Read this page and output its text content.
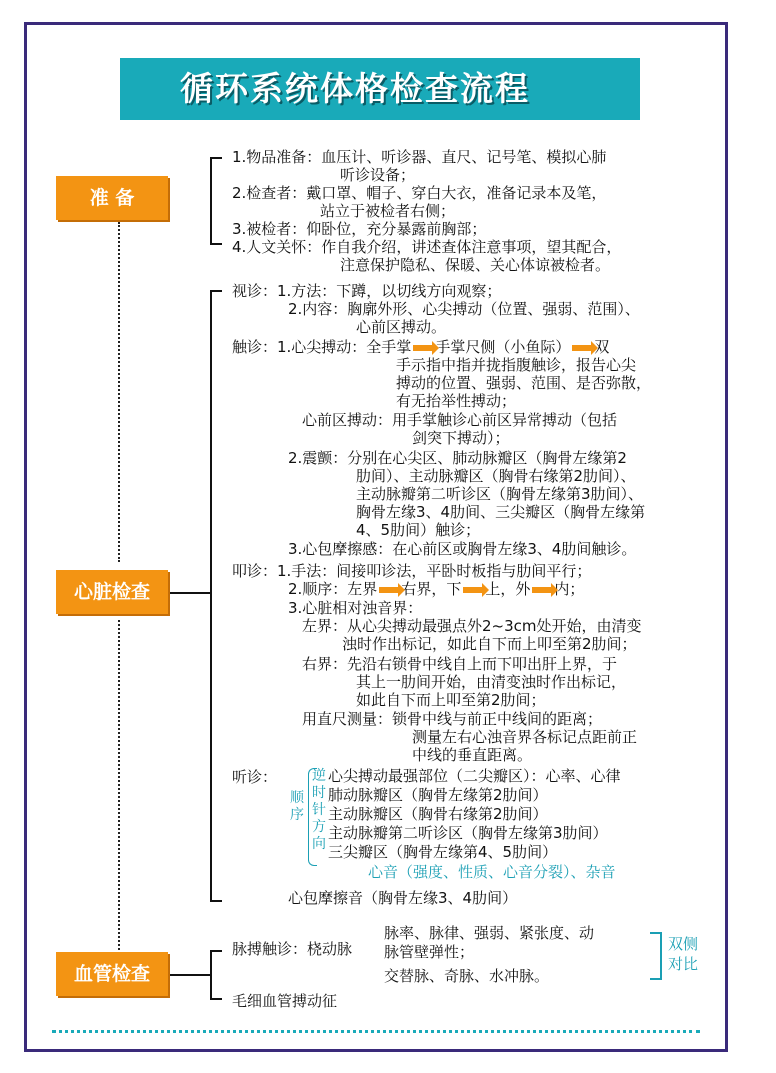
循环系统体格检查流程
准 备
心脏检查
血管检查
1.物品准备：血压计、听诊器、直尺、记号笔、模拟心肺
听诊设备；
2.检查者：戴口罩、帽子、穿白大衣，准备记录本及笔，
站立于被检者右侧；
3.被检者：仰卧位，充分暴露前胸部；
4.人文关怀：作自我介绍，讲述查体注意事项，望其配合，
注意保护隐私、保暖、关心体谅被检者。
视诊：1.方法：下蹲，以切线方向观察；
2.内容：胸廓外形、心尖搏动（位置、强弱、范围）、
心前区搏动。
触诊：1.心尖搏动：全手掌 手掌尺侧（小鱼际） 双
手示指中指并拢指腹触诊，报告心尖
搏动的位置、强弱、范围、是否弥散，
有无抬举性搏动；
心前区搏动：用手掌触诊心前区异常搏动（包括
剑突下搏动）；
2.震颤：分别在心尖区、肺动脉瓣区（胸骨左缘第2
肋间）、主动脉瓣区（胸骨右缘第2肋间）、
主动脉瓣第二听诊区（胸骨左缘第3肋间）、
胸骨左缘3、4肋间、三尖瓣区（胸骨左缘第
4、5肋间）触诊；
3.心包摩擦感：在心前区或胸骨左缘3、4肋间触诊。
叩诊：1.手法：间接叩诊法，平卧时板指与肋间平行；
2.顺序：左界 右界，下 上，外 内；
3.心脏相对浊音界：
左界：从心尖搏动最强点外2~3cm处开始，由清变
浊时作出标记，如此自下而上叩至第2肋间；
右界：先沿右锁骨中线自上而下叩出肝上界，于
其上一肋间开始，由清变浊时作出标记，
如此自下而上叩至第2肋间；
用直尺测量：锁骨中线与前正中线间的距离；
测量左右心浊音界各标记点距前正
中线的垂直距离。
听诊： 逆时针方向
顺序
心尖搏动最强部位（二尖瓣区）：心率、心律
肺动脉瓣区（胸骨左缘第2肋间）
主动脉瓣区（胸骨右缘第2肋间）
主动脉瓣第二听诊区（胸骨左缘第3肋间）
三尖瓣区（胸骨左缘第4、5肋间）
心音（强度、性质、心音分裂）、杂音
心包摩擦音（胸骨左缘3、4肋间）
脉搏触诊：桡动脉
脉率、脉律、强弱、紧张度、动
脉管壁弹性；
交替脉、奇脉、水冲脉。
双侧对比
毛细血管搏动征
